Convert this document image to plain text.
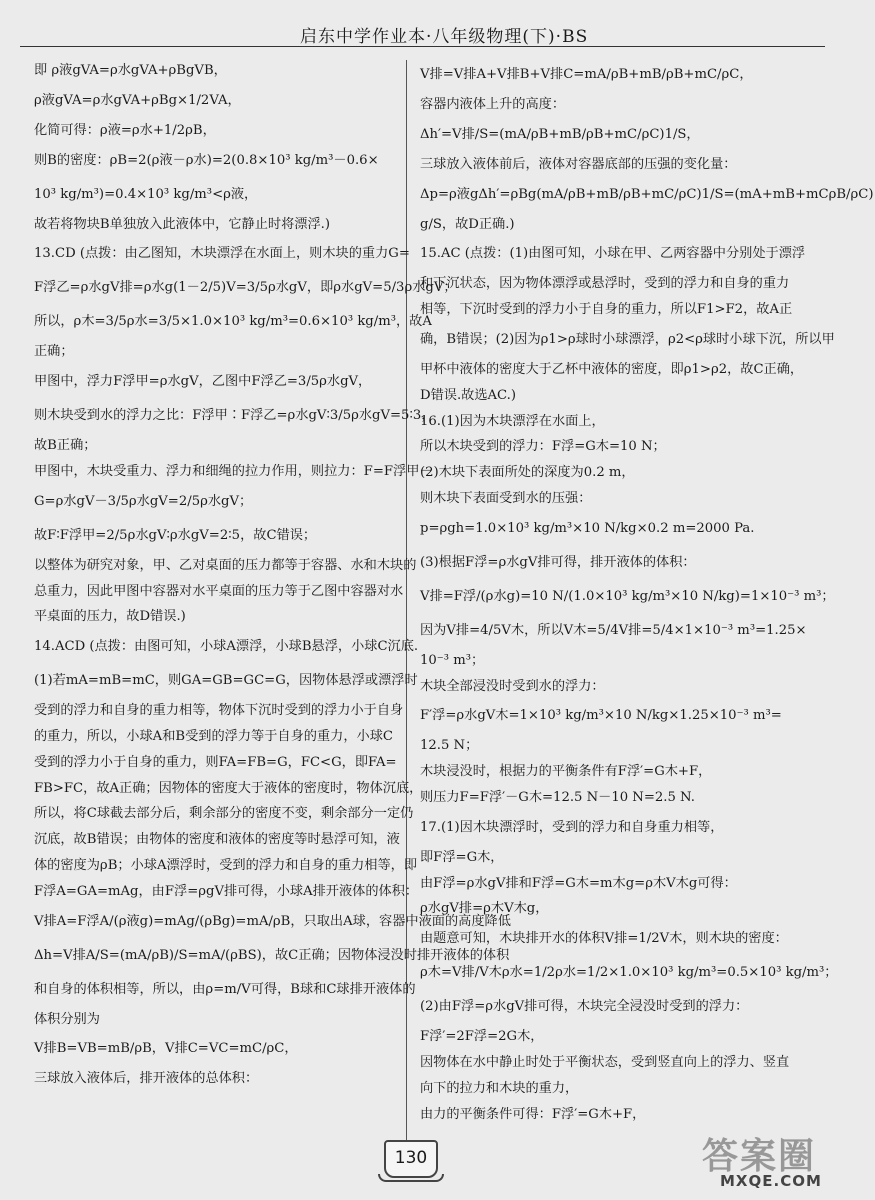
启东中学作业本·八年级物理(下)·BS

即 ρ液gVA=ρ水gVA+ρBgVB，

ρ液gVA=ρ水gVA+ρBg×1/2VA，

化简可得：ρ液=ρ水+1/2ρB，

则B的密度：ρB=2(ρ液－ρ水)=2(0.8×10³ kg/m³－0.6×

10³ kg/m³)=0.4×10³ kg/m³<ρ液，

故若将物块B单独放入此液体中，它静止时将漂浮.)

13.CD (点拨：由乙图知，木块漂浮在水面上，则木块的重力G=

F浮乙=ρ水gV排=ρ水g(1－2/5)V=3/5ρ水gV，即ρ水gV=5/3ρ水gV；

所以，ρ木=3/5ρ水=3/5×1.0×10³ kg/m³=0.6×10³ kg/m³，故A

正确；

甲图中，浮力F浮甲=ρ水gV，乙图中F浮乙=3/5ρ水gV，

则木块受到水的浮力之比：F浮甲∶F浮乙=ρ水gV∶3/5ρ水gV=5∶3，

故B正确；

甲图中，木块受重力、浮力和细绳的拉力作用，则拉力：F=F浮甲－

G=ρ水gV－3/5ρ水gV=2/5ρ水gV；

故F∶F浮甲=2/5ρ水gV∶ρ水gV=2∶5，故C错误；

以整体为研究对象，甲、乙对桌面的压力都等于容器、水和木块的

总重力，因此甲图中容器对水平桌面的压力等于乙图中容器对水

平桌面的压力，故D错误.)

14.ACD (点拨：由图可知，小球A漂浮，小球B悬浮，小球C沉底.

(1)若mA=mB=mC，则GA=GB=GC=G，因物体悬浮或漂浮时

受到的浮力和自身的重力相等，物体下沉时受到的浮力小于自身

的重力，所以，小球A和B受到的浮力等于自身的重力，小球C

受到的浮力小于自身的重力，则FA=FB=G，FC<G，即FA=

FB>FC，故A正确；因物体的密度大于液体的密度时，物体沉底，

所以，将C球截去部分后，剩余部分的密度不变，剩余部分一定仍

沉底，故B错误；由物体的密度和液体的密度等时悬浮可知，液

体的密度为ρB；小球A漂浮时，受到的浮力和自身的重力相等，即

F浮A=GA=mAg，由F浮=ρgV排可得，小球A排开液体的体积：

V排A=F浮A/(ρ液g)=mAg/(ρBg)=mA/ρB，只取出A球，容器中液面的高度降低

Δh=V排A/S=(mA/ρB)/S=mA/(ρBS)，故C正确；因物体浸没时排开液体的体积

和自身的体积相等，所以，由ρ=m/V可得，B球和C球排开液体的

体积分别为

V排B=VB=mB/ρB，V排C=VC=mC/ρC，

三球放入液体后，排开液体的总体积：

V排=V排A+V排B+V排C=mA/ρB+mB/ρB+mC/ρC，

容器内液体上升的高度：

Δh′=V排/S=(mA/ρB+mB/ρB+mC/ρC)1/S，

三球放入液体前后，液体对容器底部的压强的变化量：

Δp=ρ液gΔh′=ρBg(mA/ρB+mB/ρB+mC/ρC)1/S=(mA+mB+mCρB/ρC)

g/S，故D正确.)

15.AC (点拨：(1)由图可知，小球在甲、乙两容器中分别处于漂浮

和下沉状态，因为物体漂浮或悬浮时，受到的浮力和自身的重力

相等，下沉时受到的浮力小于自身的重力，所以F1>F2，故A正

确，B错误；(2)因为ρ1>ρ球时小球漂浮，ρ2<ρ球时小球下沉，所以甲

甲杯中液体的密度大于乙杯中液体的密度，即ρ1>ρ2，故C正确，

D错误.故选AC.)

16.(1)因为木块漂浮在水面上，

所以木块受到的浮力：F浮=G木=10 N；

(2)木块下表面所处的深度为0.2 m，

则木块下表面受到水的压强：

p=ρgh=1.0×10³ kg/m³×10 N/kg×0.2 m=2000 Pa.

(3)根据F浮=ρ水gV排可得，排开液体的体积：

V排=F浮/(ρ水g)=10 N/(1.0×10³ kg/m³×10 N/kg)=1×10⁻³ m³；

因为V排=4/5V木，所以V木=5/4V排=5/4×1×10⁻³ m³=1.25×

10⁻³ m³；

木块全部浸没时受到水的浮力：

F′浮=ρ水gV木=1×10³ kg/m³×10 N/kg×1.25×10⁻³ m³=

12.5 N；

木块浸没时，根据力的平衡条件有F浮′=G木+F，

则压力F=F浮′－G木=12.5 N－10 N=2.5 N.

17.(1)因木块漂浮时，受到的浮力和自身重力相等，

即F浮=G木，

由F浮=ρ水gV排和F浮=G木=m木g=ρ木V木g可得：

ρ水gV排=ρ木V木g，

由题意可知，木块排开水的体积V排=1/2V木，则木块的密度：

ρ木=V排/V木ρ水=1/2ρ水=1/2×1.0×10³ kg/m³=0.5×10³ kg/m³；

(2)由F浮=ρ水gV排可得，木块完全浸没时受到的浮力：

F浮′=2F浮=2G木，

因物体在水中静止时处于平衡状态，受到竖直向上的浮力、竖直

向下的拉力和木块的重力，

由力的平衡条件可得：F浮′=G木+F，

130	答案圈
MXQE.COM
